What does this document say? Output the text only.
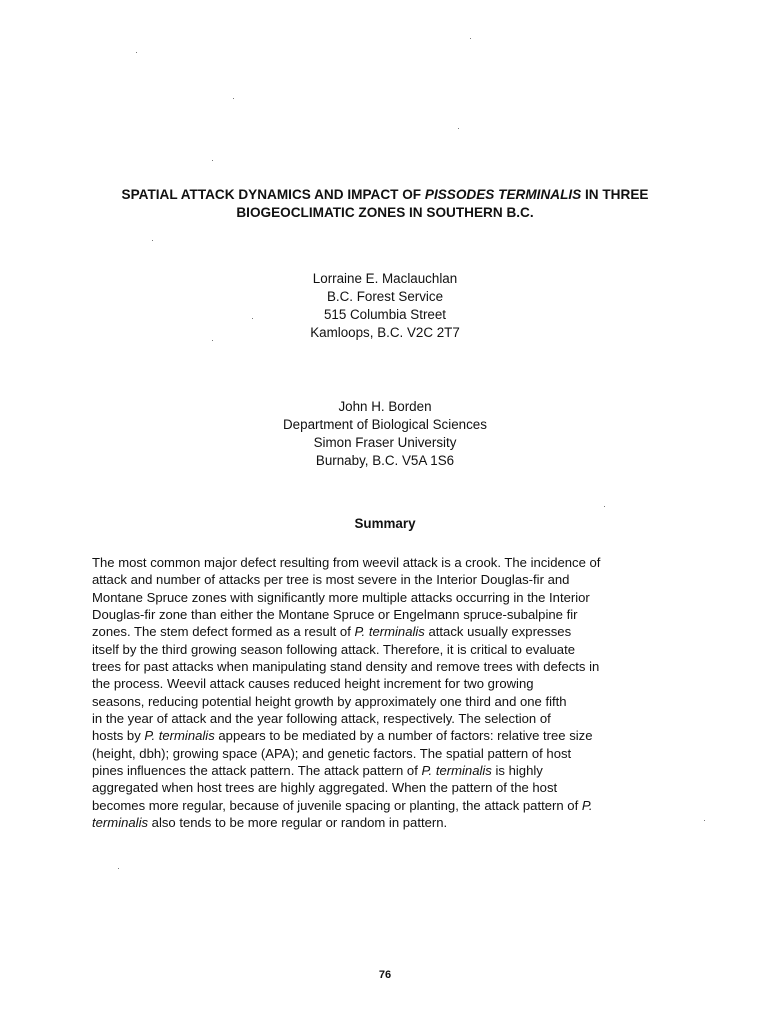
SPATIAL ATTACK DYNAMICS AND IMPACT OF PISSODES TERMINALIS IN THREE
BIOGEOCLIMATIC ZONES IN SOUTHERN B.C.
Lorraine E. Maclauchlan
B.C. Forest Service
515 Columbia Street
Kamloops, B.C. V2C 2T7
John H. Borden
Department of Biological Sciences
Simon Fraser University
Burnaby, B.C. V5A 1S6
Summary
The most common major defect resulting from weevil attack is a crook. The incidence of
attack and number of attacks per tree is most severe in the Interior Douglas-fir and
Montane Spruce zones with significantly more multiple attacks occurring in the Interior
Douglas-fir zone than either the Montane Spruce or Engelmann spruce-subalpine fir
zones. The stem defect formed as a result of P. terminalis attack usually expresses
itself by the third growing season following attack. Therefore, it is critical to evaluate
trees for past attacks when manipulating stand density and remove trees with defects in
the process. Weevil attack causes reduced height increment for two growing
seasons, reducing potential height growth by approximately one third and one fifth
in the year of attack and the year following attack, respectively. The selection of
hosts by P. terminalis appears to be mediated by a number of factors: relative tree size
(height, dbh); growing space (APA); and genetic factors. The spatial pattern of host
pines influences the attack pattern. The attack pattern of P. terminalis is highly
aggregated when host trees are highly aggregated. When the pattern of the host
becomes more regular, because of juvenile spacing or planting, the attack pattern of P.
terminalis also tends to be more regular or random in pattern.
76
